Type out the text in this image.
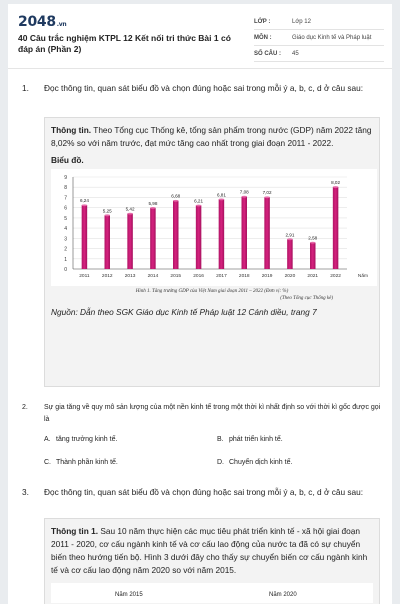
2048.vn
40 Câu trắc nghiệm KTPL 12 Kết nối tri thức Bài 1 có đáp án (Phần 2)
LỚP :	Lớp 12
MÔN :	Giáo dục Kinh tế và Pháp luật
SỐ CÂU :	45
1.	Đọc thông tin, quan sát biểu đồ và chọn đúng hoặc sai trong mỗi ý a, b, c, d ở câu sau:
Thông tin. Theo Tổng cục Thống kê, tổng sản phẩm trong nước (GDP) năm 2022 tăng 8,02% so với năm trước, đạt mức tăng cao nhất trong giai đoạn 2011 - 2022.
Biểu đồ.
0
1
2
3
4
5
6
7
8
9
6,24
2011
5,25
2012
5,42
2013
5,98
2014
6,68
2015
6,21
2016
6,81
2017
7,08
2018
7,02
2019
2,91
2020
2,58
2021
8,02
2022	Năm
Hình 1. Tăng trưởng GDP của Việt Nam giai đoạn 2011 – 2022 (Đơn vị: %)
(Theo Tổng cục Thống kê)
Nguồn: Dẫn theo SGK Giáo dục Kinh tế Pháp luật 12 Cánh diều, trang 7
2.	Sự gia tăng về quy mô sản lượng của một nền kinh tế trong một thời kì nhất định so với thời kì gốc được gọi là
A. tăng trưởng kinh tế.	B. phát triển kinh tế.
C. Thành phần kinh tế.	D. Chuyển dịch kinh tế.
3.	Đọc thông tin, quan sát biểu đồ và chọn đúng hoặc sai trong mỗi ý a, b, c, d ở câu sau:
Thông tin 1. Sau 10 năm thực hiện các mục tiêu phát triển kinh tế - xã hội giai đoạn 2011 - 2020, cơ cấu ngành kinh tế và cơ cấu lao động của nước ta đã có sự chuyển biến theo hướng tiến bộ. Hình 3 dưới đây cho thấy sự chuyển biến cơ cấu ngành kinh tế và cơ cấu lao động năm 2020 so với năm 2015.
Năm 2015	Năm 2020
